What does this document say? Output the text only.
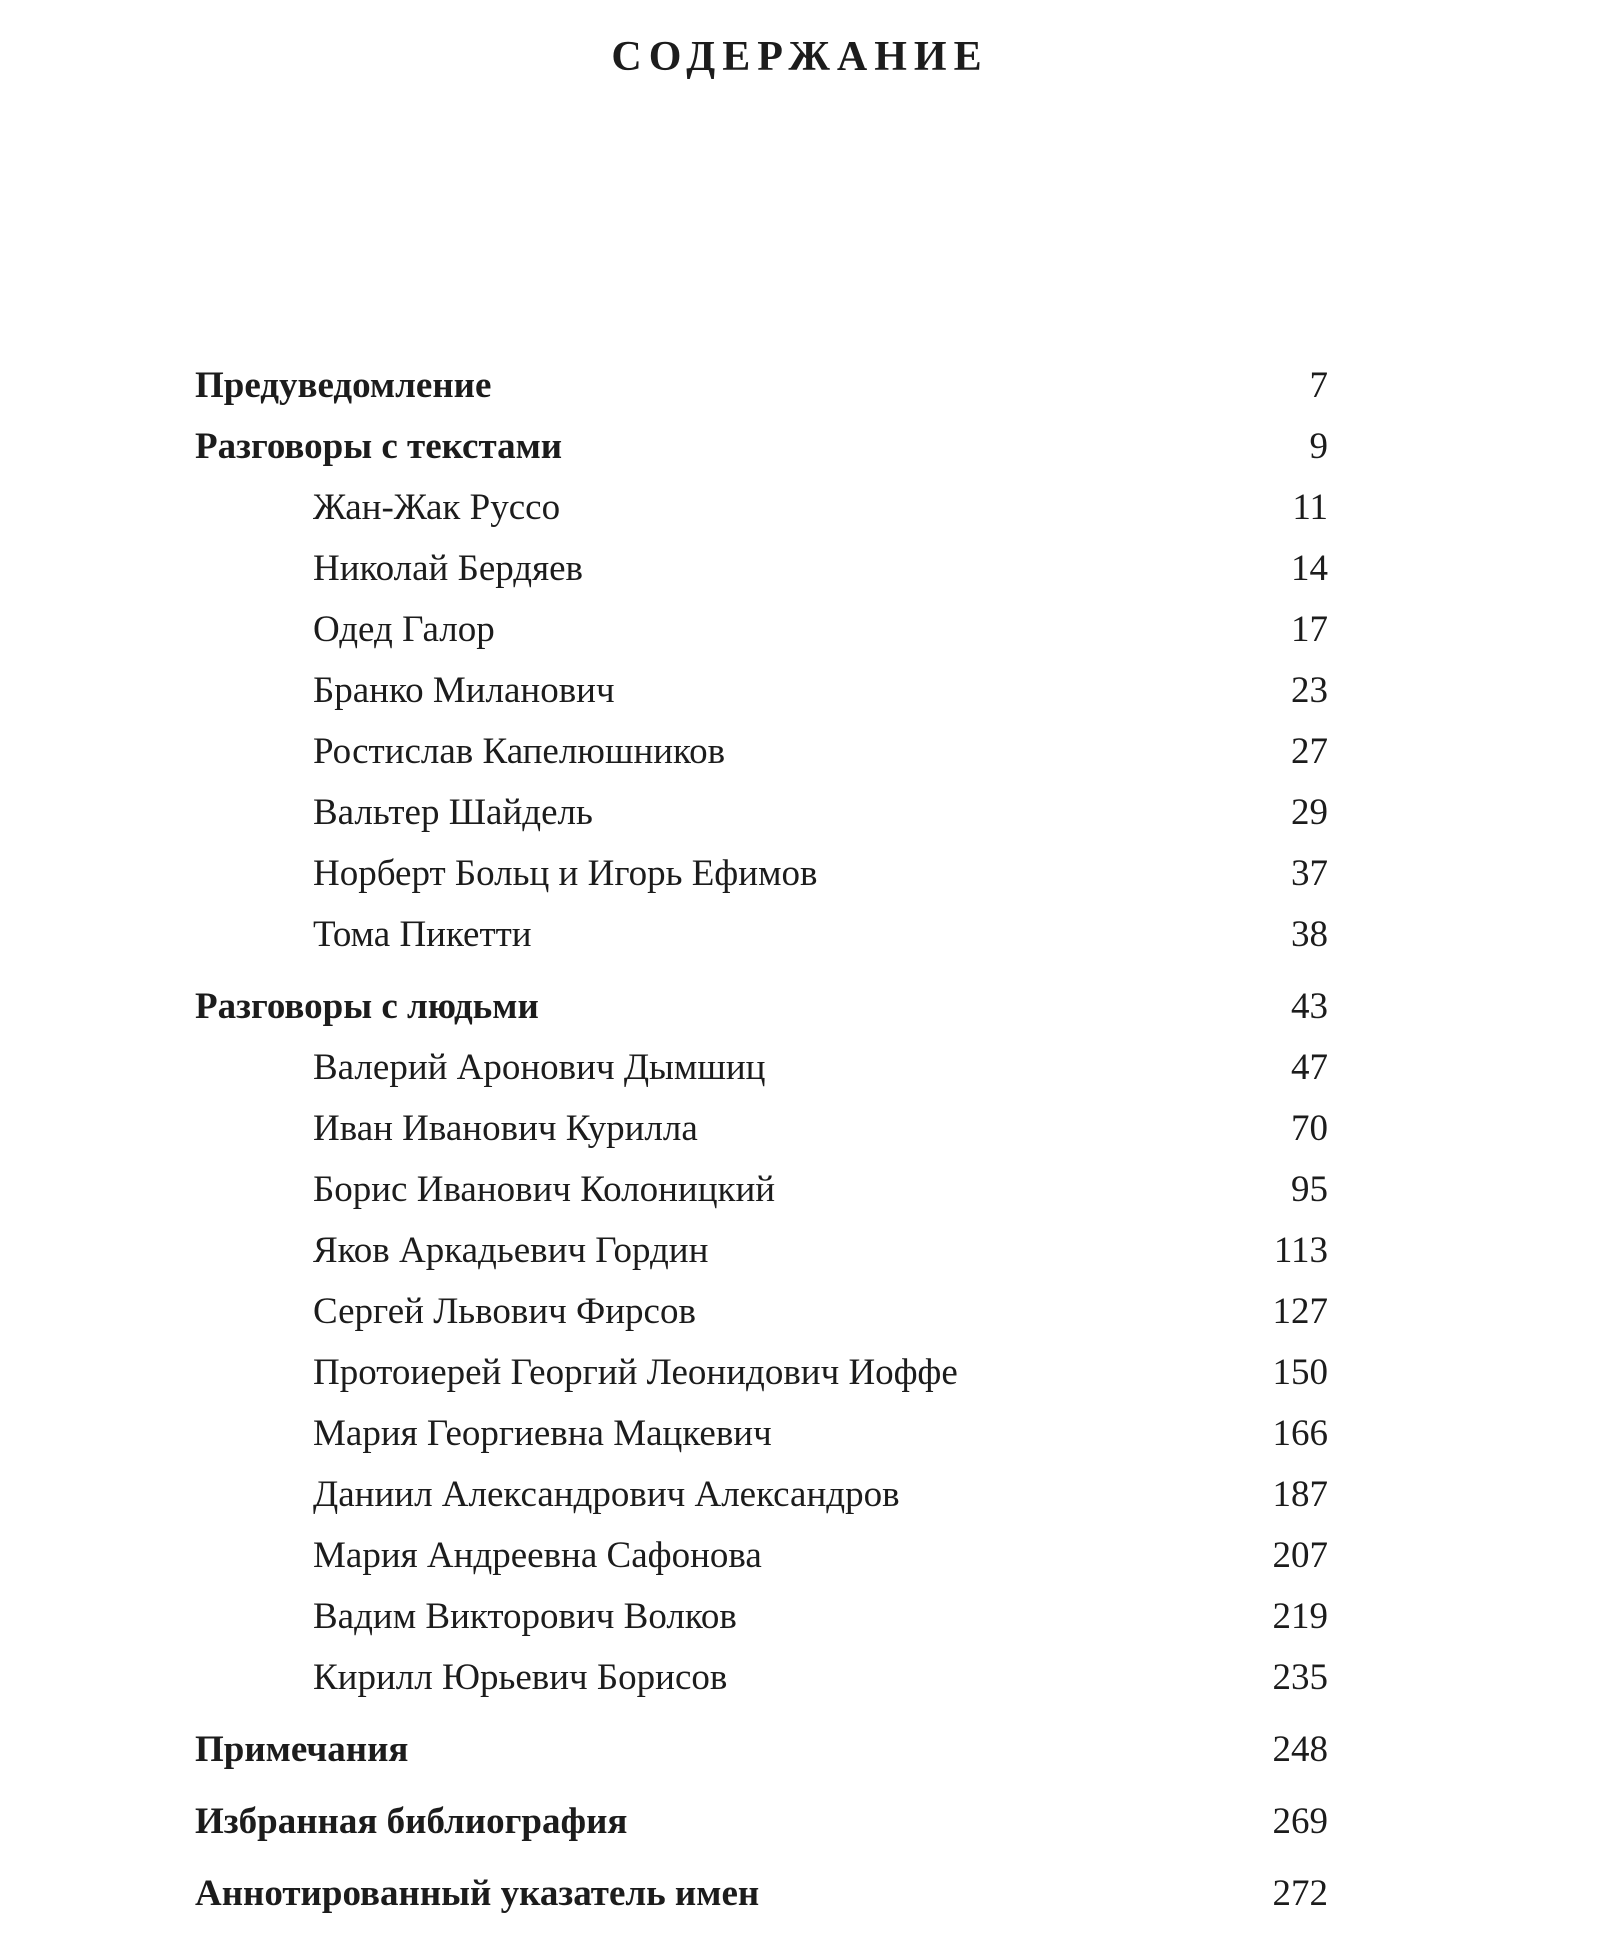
СОДЕРЖАНИЕ
Предуведомление	7
Разговоры с текстами	9
Жан-Жак Руссо	11
Николай Бердяев	14
Одед Галор	17
Бранко Миланович	23
Ростислав Капелюшников	27
Вальтер Шайдель	29
Норберт Больц и Игорь Ефимов	37
Тома Пикетти	38
Разговоры с людьми	43
Валерий Аронович Дымшиц	47
Иван Иванович Курилла	70
Борис Иванович Колоницкий	95
Яков Аркадьевич Гордин	113
Сергей Львович Фирсов	127
Протоиерей Георгий Леонидович Иоффе	150
Мария Георгиевна Мацкевич	166
Даниил Александрович Александров	187
Мария Андреевна Сафонова	207
Вадим Викторович Волков	219
Кирилл Юрьевич Борисов	235
Примечания	248
Избранная библиография	269
Аннотированный указатель имен	272
